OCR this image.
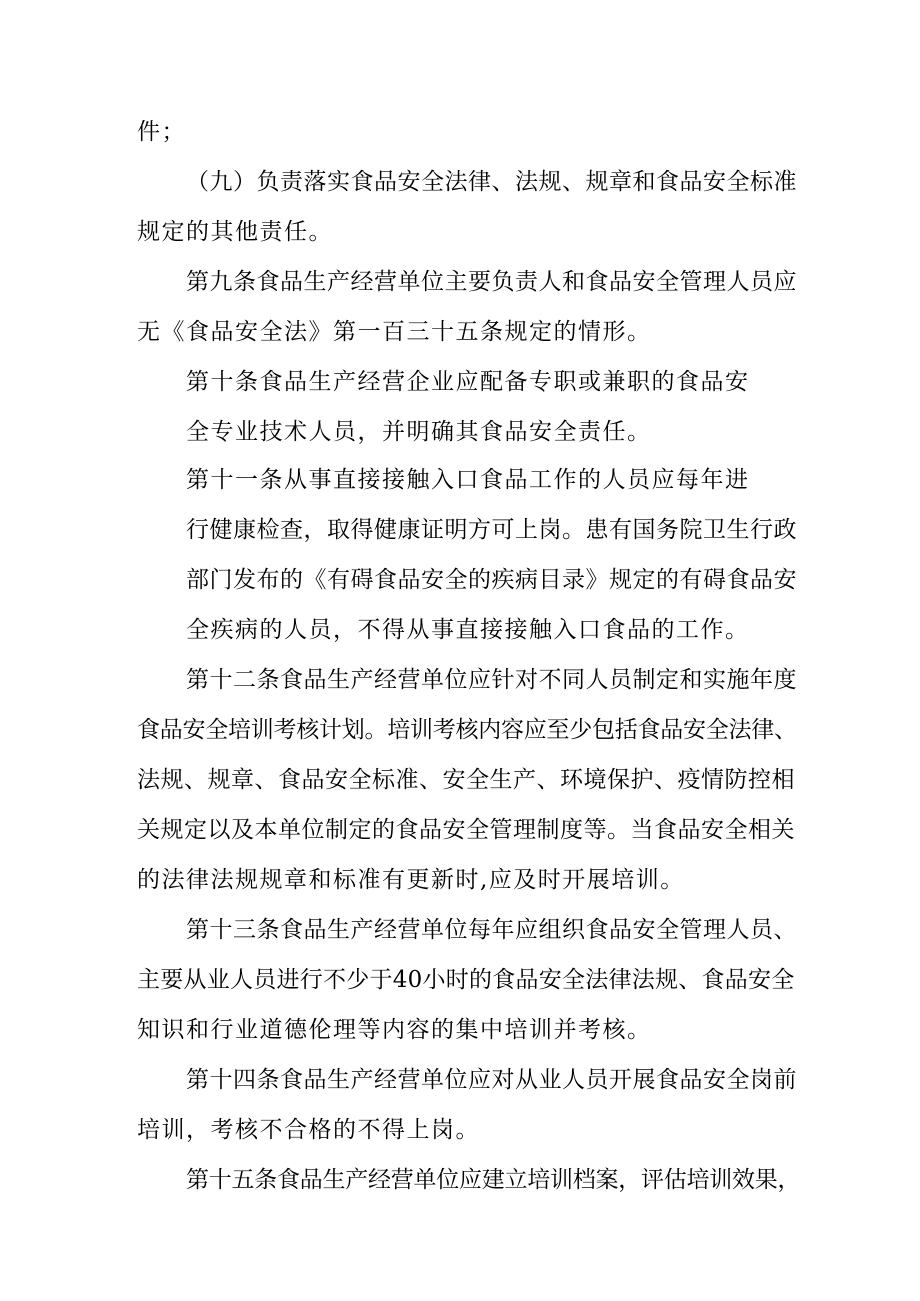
件；
（九）负责落实食品安全法律、法规、规章和食品安全标准
规定的其他责任。
第九条食品生产经营单位主要负责人和食品安全管理人员应
无《食品安全法》第一百三十五条规定的情形。
第十条食品生产经营企业应配备专职或兼职的食品安
全专业技术人员，并明确其食品安全责任。
第十一条从事直接接触入口食品工作的人员应每年进
行健康检查，取得健康证明方可上岗。患有国务院卫生行政
部门发布的《有碍食品安全的疾病目录》规定的有碍食品安
全疾病的人员，不得从事直接接触入口食品的工作。
第十二条食品生产经营单位应针对不同人员制定和实施年度
食品安全培训考核计划。培训考核内容应至少包括食品安全法律、
法规、规章、食品安全标准、安全生产、环境保护、疫情防控相
关规定以及本单位制定的食品安全管理制度等。当食品安全相关
的法律法规规章和标准有更新时,应及时开展培训。
第十三条食品生产经营单位每年应组织食品安全管理人员、
主要从业人员进行不少于40小时的食品安全法律法规、食品安全
知识和行业道德伦理等内容的集中培训并考核。
第十四条食品生产经营单位应对从业人员开展食品安全岗前
培训，考核不合格的不得上岗。
第十五条食品生产经营单位应建立培训档案，评估培训效果，
